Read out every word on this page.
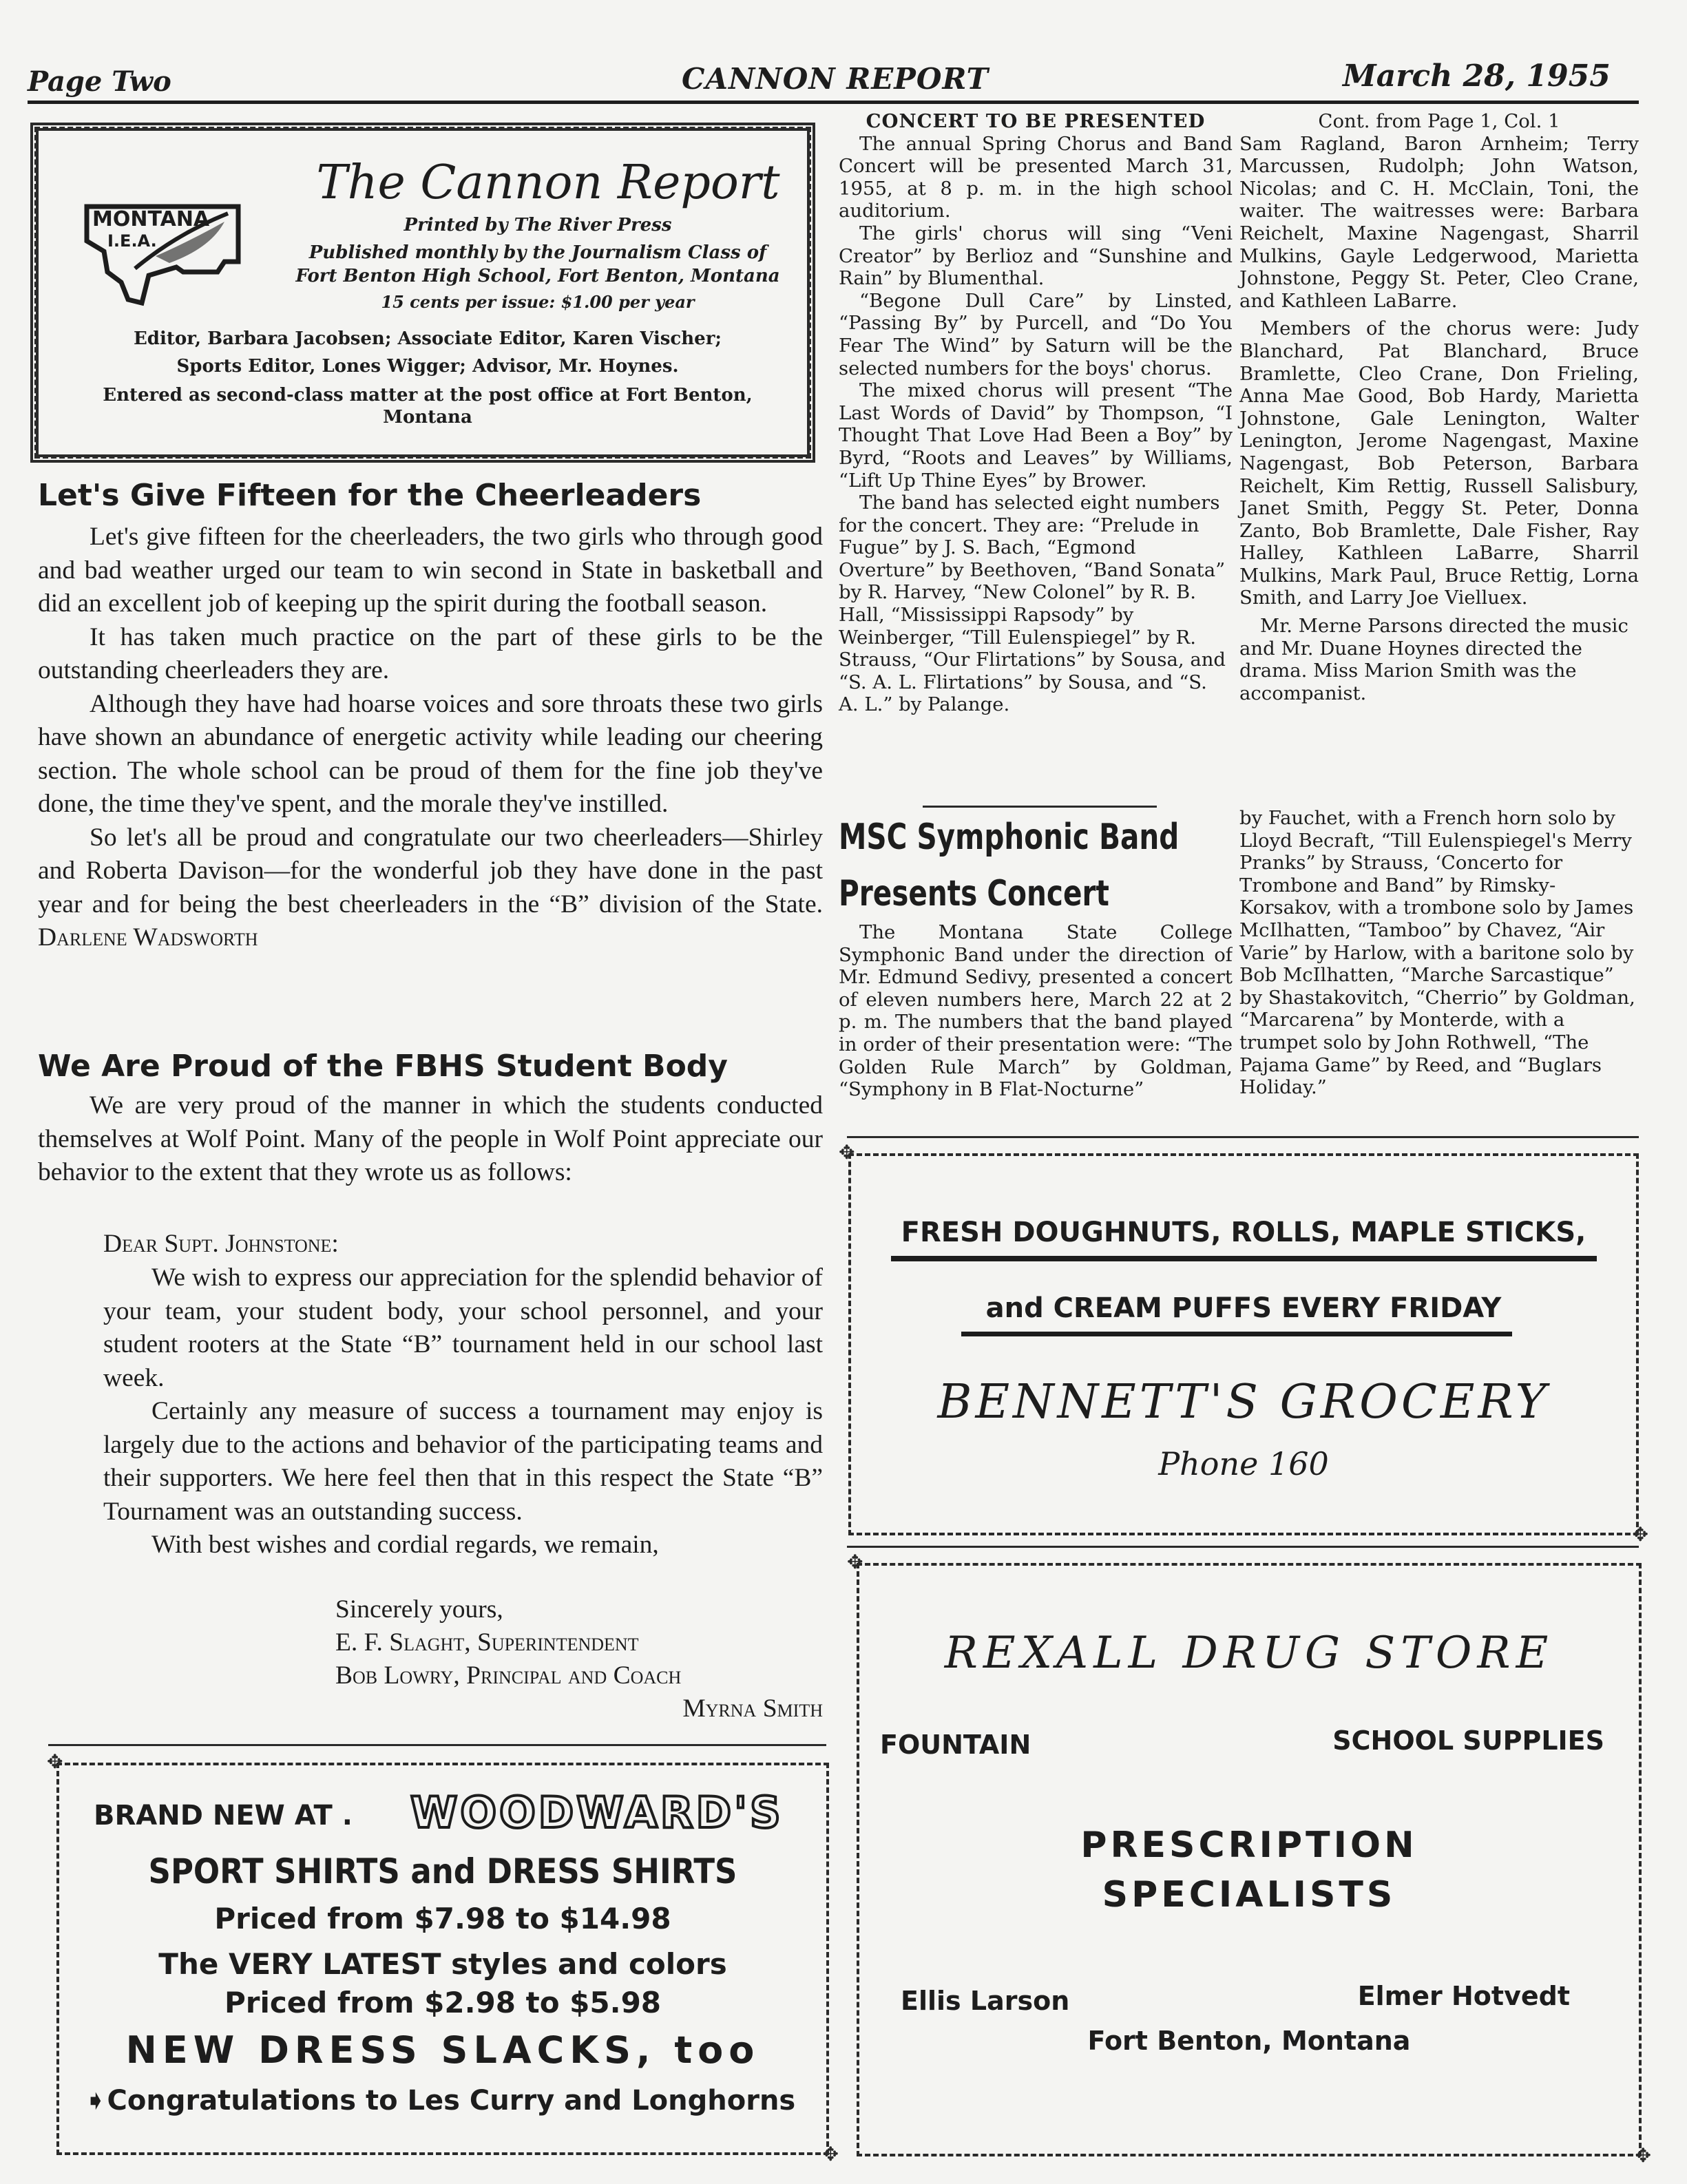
Page Two	CANNON REPORT	March 28, 1955
MONTANA
I.E.A.
The Cannon Report
Printed by The River Press
Published monthly by the Journalism Class of
Fort Benton High School, Fort Benton, Montana
15 cents per issue: $1.00 per year
Editor, Barbara Jacobsen; Associate Editor, Karen Vischer;
Sports Editor, Lones Wigger; Advisor, Mr. Hoynes.
Entered as second-class matter at the post office at Fort Benton,
Montana
Let's Give Fifteen for the Cheerleaders

Let's give fifteen for the cheerleaders, the two girls who through good and bad weather urged our team to win second in State in basketball and did an excellent job of keeping up the spirit during the football season.

It has taken much practice on the part of these girls to be the outstanding cheerleaders they are.

Although they have had hoarse voices and sore throats these two girls have shown an abundance of energetic activity while leading our cheering section. The whole school can be proud of them for the fine job they've done, the time they've spent, and the morale they've instilled.

So let's all be proud and congratulate our two cheerleaders—Shirley and Roberta Davison—for the wonderful job they have done in the past year and for being the best cheerleaders in the “B” division of the State. Darlene Wadsworth

We Are Proud of the FBHS Student Body

We are very proud of the manner in which the students conducted themselves at Wolf Point. Many of the people in Wolf Point appreciate our behavior to the extent that they wrote us as follows:

Dear Supt. Johnstone:

We wish to express our appreciation for the splendid behavior of your team, your student body, your school personnel, and your student rooters at the State “B” tournament held in our school last week.

Certainly any measure of success a tournament may enjoy is largely due to the actions and behavior of the participating teams and their supporters. We here feel then that in this respect the State “B” Tournament was an outstanding success.

With best wishes and cordial regards, we remain,

Sincerely yours,
E. F. Slaght, Superintendent
Bob Lowry, Principal and Coach
Myrna Smith

CONCERT TO BE PRESENTED

The annual Spring Chorus and Band Concert will be presented March 31, 1955, at 8 p. m. in the high school auditorium.

The girls' chorus will sing “Veni Creator” by Berlioz and “Sunshine and Rain” by Blumenthal.

“Begone Dull Care” by Linsted, “Passing By” by Purcell, and “Do You Fear The Wind” by Saturn will be the selected numbers for the boys' chorus.

The mixed chorus will present “The Last Words of David” by Thompson, “I Thought That Love Had Been a Boy” by Byrd, “Roots and Leaves” by Williams, “Lift Up Thine Eyes” by Brower.

The band has selected eight numbers for the concert. They are: “Prelude in Fugue” by J. S. Bach, “Egmond Overture” by Beethoven, “Band Sonata” by R. Harvey, “New Colonel” by R. B. Hall, “Mississippi Rapsody” by Weinberger, “Till Eulenspiegel” by R. Strauss, “Our Flirtations” by Sousa, and “S. A. L. Flirtations” by Sousa, and “S. A. L.” by Palange.

Cont. from Page 1, Col. 1

Sam Ragland, Baron Arnheim; Terry Marcussen, Rudolph; John Watson, Nicolas; and C. H. McClain, Toni, the waiter. The waitresses were: Barbara Reichelt, Maxine Nagengast, Sharril Mulkins, Gayle Ledgerwood, Marietta Johnstone, Peggy St. Peter, Cleo Crane, and Kathleen LaBarre.

Members of the chorus were: Judy Blanchard, Pat Blanchard, Bruce Bramlette, Cleo Crane, Don Frieling, Anna Mae Good, Bob Hardy, Marietta Johnstone, Gale Lenington, Walter Lenington, Jerome Nagengast, Maxine Nagengast, Bob Peterson, Barbara Reichelt, Kim Rettig, Russell Salisbury, Janet Smith, Peggy St. Peter, Donna Zanto, Bob Bramlette, Dale Fisher, Ray Halley, Kathleen LaBarre, Sharril Mulkins, Mark Paul, Bruce Rettig, Lorna Smith, and Larry Joe Vielluex.

Mr. Merne Parsons directed the music and Mr. Duane Hoynes directed the drama. Miss Marion Smith was the accompanist.

MSC Symphonic Band
Presents Concert

The Montana State College Symphonic Band under the direction of Mr. Edmund Sedivy, presented a concert of eleven numbers here, March 22 at 2 p. m. The numbers that the band played in order of their presentation were: “The Golden Rule March” by Goldman, “Symphony in B Flat-Nocturne”

by Fauchet, with a French horn solo by Lloyd Becraft, “Till Eulenspiegel's Merry Pranks” by Strauss, ‘Concerto for Trombone and Band” by Rimsky-Korsakov, with a trombone solo by James McIlhatten, “Tamboo” by Chavez, “Air Varie” by Harlow, with a baritone solo by Bob McIlhatten, “Marche Sarcastique” by Shastakovitch, “Cherrio” by Goldman, “Marcarena” by Monterde, with a trumpet solo by John Rothwell, “The Pajama Game” by Reed, and “Buglars Holiday.”

✥ FRESH DOUGHNUTS, ROLLS, MAPLE STICKS,
and CREAM PUFFS EVERY FRIDAY
BENNETT'S GROCERY
Phone 160
✥
✥ REXALL DRUG STORE
FOUNTAIN	SCHOOL SUPPLIES
PRESCRIPTION
SPECIALISTS
Ellis Larson	Elmer Hotvedt
Fort Benton, Montana
✥
✥ BRAND NEW AT . WOODWARD'S
SPORT SHIRTS and DRESS SHIRTS
Priced from $7.98 to $14.98
The VERY LATEST styles and colors
Priced from $2.98 to $5.98
NEW DRESS SLACKS, too
➧Congratulations to Les Curry and Longhorns
✥
